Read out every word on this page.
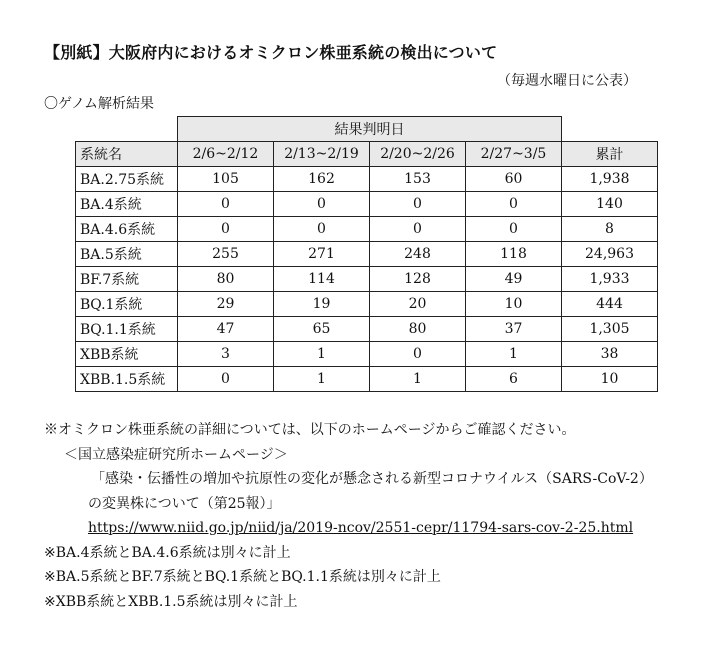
【別紙】大阪府内におけるオミクロン株亜系統の検出について
（毎週水曜日に公表）
〇ゲノム解析結果
	結果判明日				
系統名	2/6~2/12	2/13~2/19	2/20~2/26	2/27~3/5	累計
BA.2.75系統	105	162	153	60	1,938
BA.4系統	0	0	0	0	140
BA.4.6系統	0	0	0	0	8
BA.5系統	255	271	248	118	24,963
BF.7系統	80	114	128	49	1,933
BQ.1系統	29	19	20	10	444
BQ.1.1系統	47	65	80	37	1,305
XBB系統	3	1	0	1	38
XBB.1.5系統	0	1	1	6	10
※オミクロン株亜系統の詳細については、以下のホームページからご確認ください。
＜国立感染症研究所ホームページ＞
「感染・伝播性の増加や抗原性の変化が懸念される新型コロナウイルス（SARS-CoV-2）
の変異株について（第25報）」
https://www.niid.go.jp/niid/ja/2019-ncov/2551-cepr/11794-sars-cov-2-25.html
※BA.4系統とBA.4.6系統は別々に計上
※BA.5系統とBF.7系統とBQ.1系統とBQ.1.1系統は別々に計上
※XBB系統とXBB.1.5系統は別々に計上
